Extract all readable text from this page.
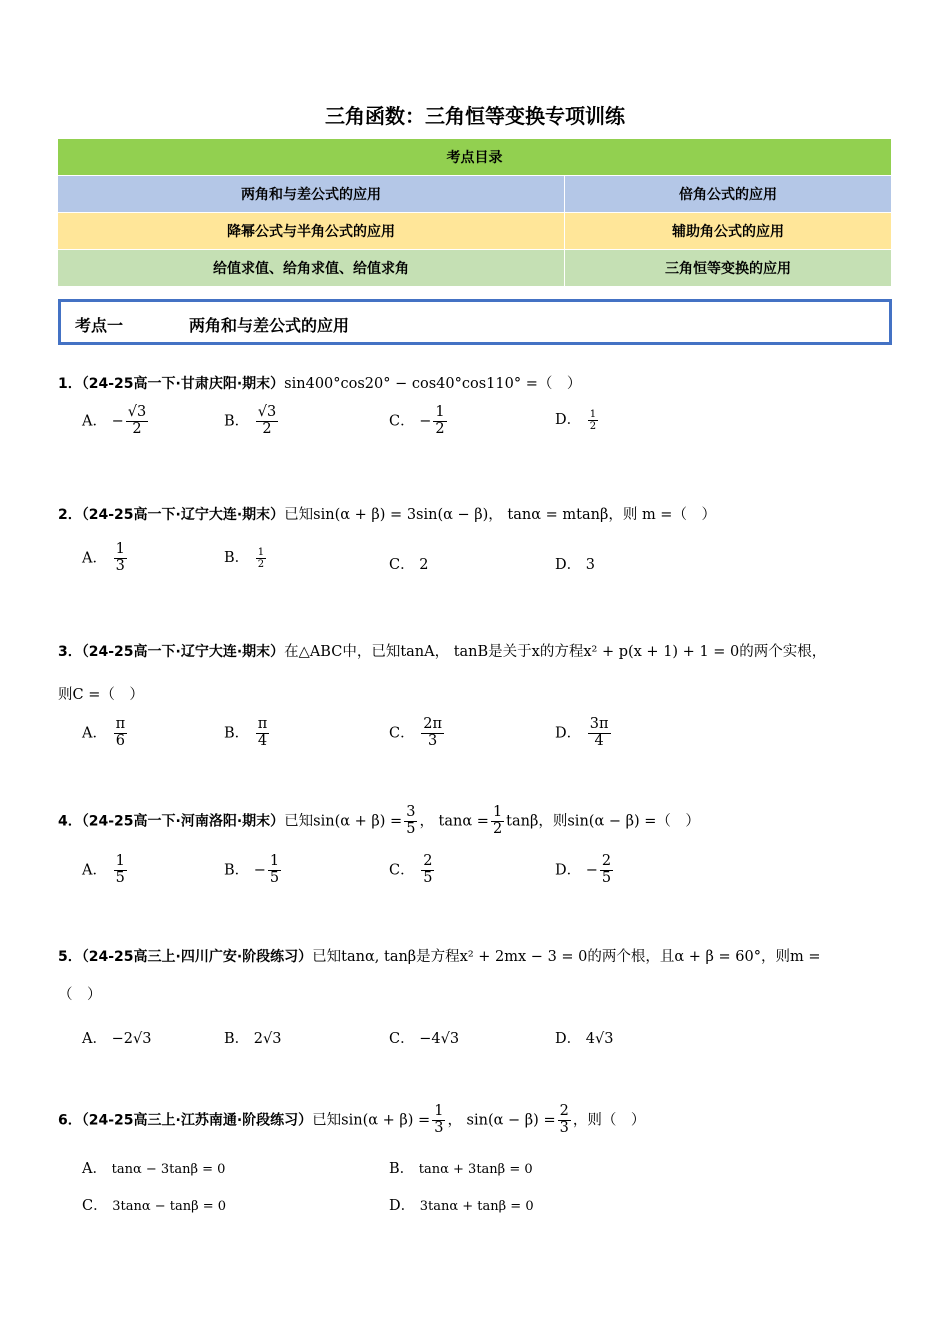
三角函数：三角恒等变换专项训练
考点目录	
两角和与差公式的应用	倍角公式的应用
降幂公式与半角公式的应用	辅助角公式的应用
给值求值、给角求值、给值求角	三角恒等变换的应用
考点一	两角和与差公式的应用
1．（24-25高一下·甘肃庆阳·期末）sin400°cos20° − cos40°cos110° =（　）
A． − $\frac{√3}{2}$	B． $\frac{√3}{2}$	C． − $\frac{1}{2}$	D． $\frac{1}{2}$
2．（24-25高一下·辽宁大连·期末）已知sin(α + β) = 3sin(α − β)， tanα = mtanβ，则 m =（　）
A． $\frac{1}{3}$	B． $\frac{1}{2}$	C． 2	D． 3
3．（24-25高一下·辽宁大连·期末）在△ABC中，已知tanA， tanB是关于x的方程x² + p(x + 1) + 1 = 0的两个实根，
则C =（　）
A． $\frac{\pi}{6}$	B． $\frac{\pi}{4}$	C． $\frac{2\pi}{3}$	D． $\frac{3\pi}{4}$
4．（24-25高一下·河南洛阳·期末）已知$\sin(\alpha + \beta) = \frac{3}{5}$ ， $\tan\alpha = \frac{1}{2}$ tanβ，则sin(α − β) =（　）
A． $\frac{1}{5}$	B． − $\frac{1}{5}$	C． $\frac{2}{5}$	D． − $\frac{2}{5}$
5．（24-25高三上·四川广安·阶段练习）已知tanα, tanβ是方程x² + 2mx − 3 = 0的两个根，且α + β = 60°，则m =
（　）
A． −2√3	B． 2√3	C． −4√3	D． 4√3
6．（24-25高三上·江苏南通·阶段练习）已知$\sin(\alpha + \beta) = \frac{1}{3}$ ， $\sin(\alpha - \beta) = \frac{2}{3}$ ，则（　）
A． tanα − 3tanβ = 0	B． tanα + 3tanβ = 0
C． 3tanα − tanβ = 0	D． 3tanα + tanβ = 0
